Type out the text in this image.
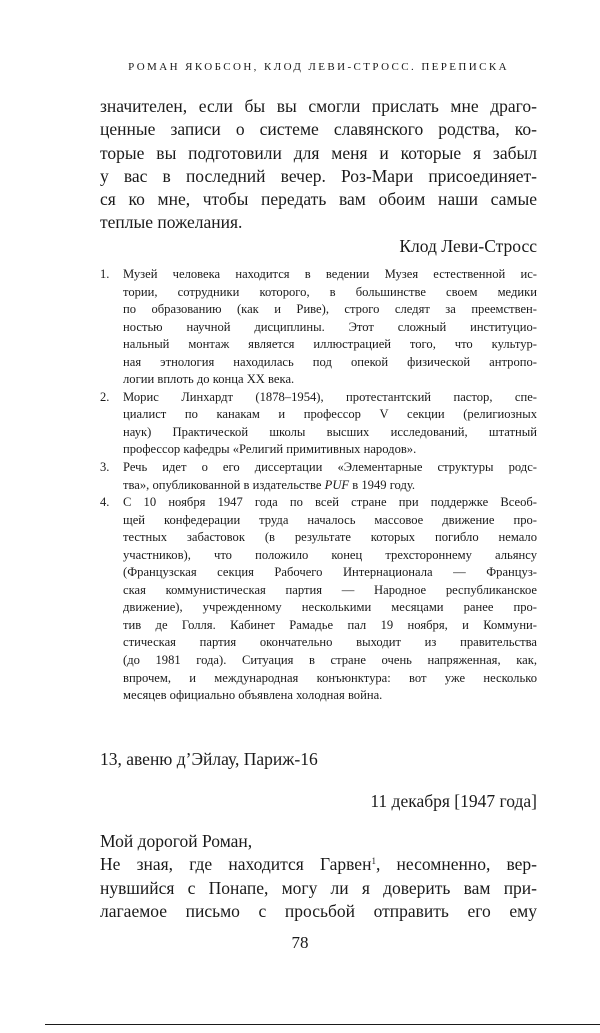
РОМАН ЯКОБСОН, КЛОД ЛЕВИ-СТРОСС. ПЕРЕПИСКА
значителен, если бы вы смогли прислать мне драго-
ценные записи о системе славянского родства, ко-
торые вы подготовили для меня и которые я забыл
у вас в последний вечер. Роз-Мари присоединяет-
ся ко мне, чтобы передать вам обоим наши самые
теплые пожелания.
Клод Леви-Стросс
1. Музей человека находится в ведении Музея естественной ис-
тории, сотрудники которого, в большинстве своем медики
по образованию (как и Риве), строго следят за преемствен-
ностью научной дисциплины. Этот сложный институцио-
нальный монтаж является иллюстрацией того, что культур-
ная этнология находилась под опекой физической антропо-
логии вплоть до конца XX века.
2. Морис Линхардт (1878–1954), протестантский пастор, спе-
циалист по канакам и профессор V секции (религиозных
наук) Практической школы высших исследований, штатный
профессор кафедры «Религий примитивных народов».
3. Речь идет о его диссертации «Элементарные структуры родс-
тва», опубликованной в издательстве PUF в 1949 году.
4. С 10 ноября 1947 года по всей стране при поддержке Всеоб-
щей конфедерации труда началось массовое движение про-
тестных забастовок (в результате которых погибло немало
участников), что положило конец трехстороннему альянсу
(Французская секция Рабочего Интернационала — Француз-
ская коммунистическая партия — Народное республиканское
движение), учрежденному несколькими месяцами ранее про-
тив де Голля. Кабинет Рамадье пал 19 ноября, и Коммуни-
стическая партия окончательно выходит из правительства
(до 1981 года). Ситуация в стране очень напряженная, как,
впрочем, и международная конъюнктура: вот уже несколько
месяцев официально объявлена холодная война.
13, авеню д’Эйлау, Париж-16
11 декабря [1947 года]
Мой дорогой Роман,
Не зная, где находится Гарвен$^1$, несомненно, вер-
нувшийся с Понапе, могу ли я доверить вам при-
лагаемое письмо с просьбой отправить его ему
78
